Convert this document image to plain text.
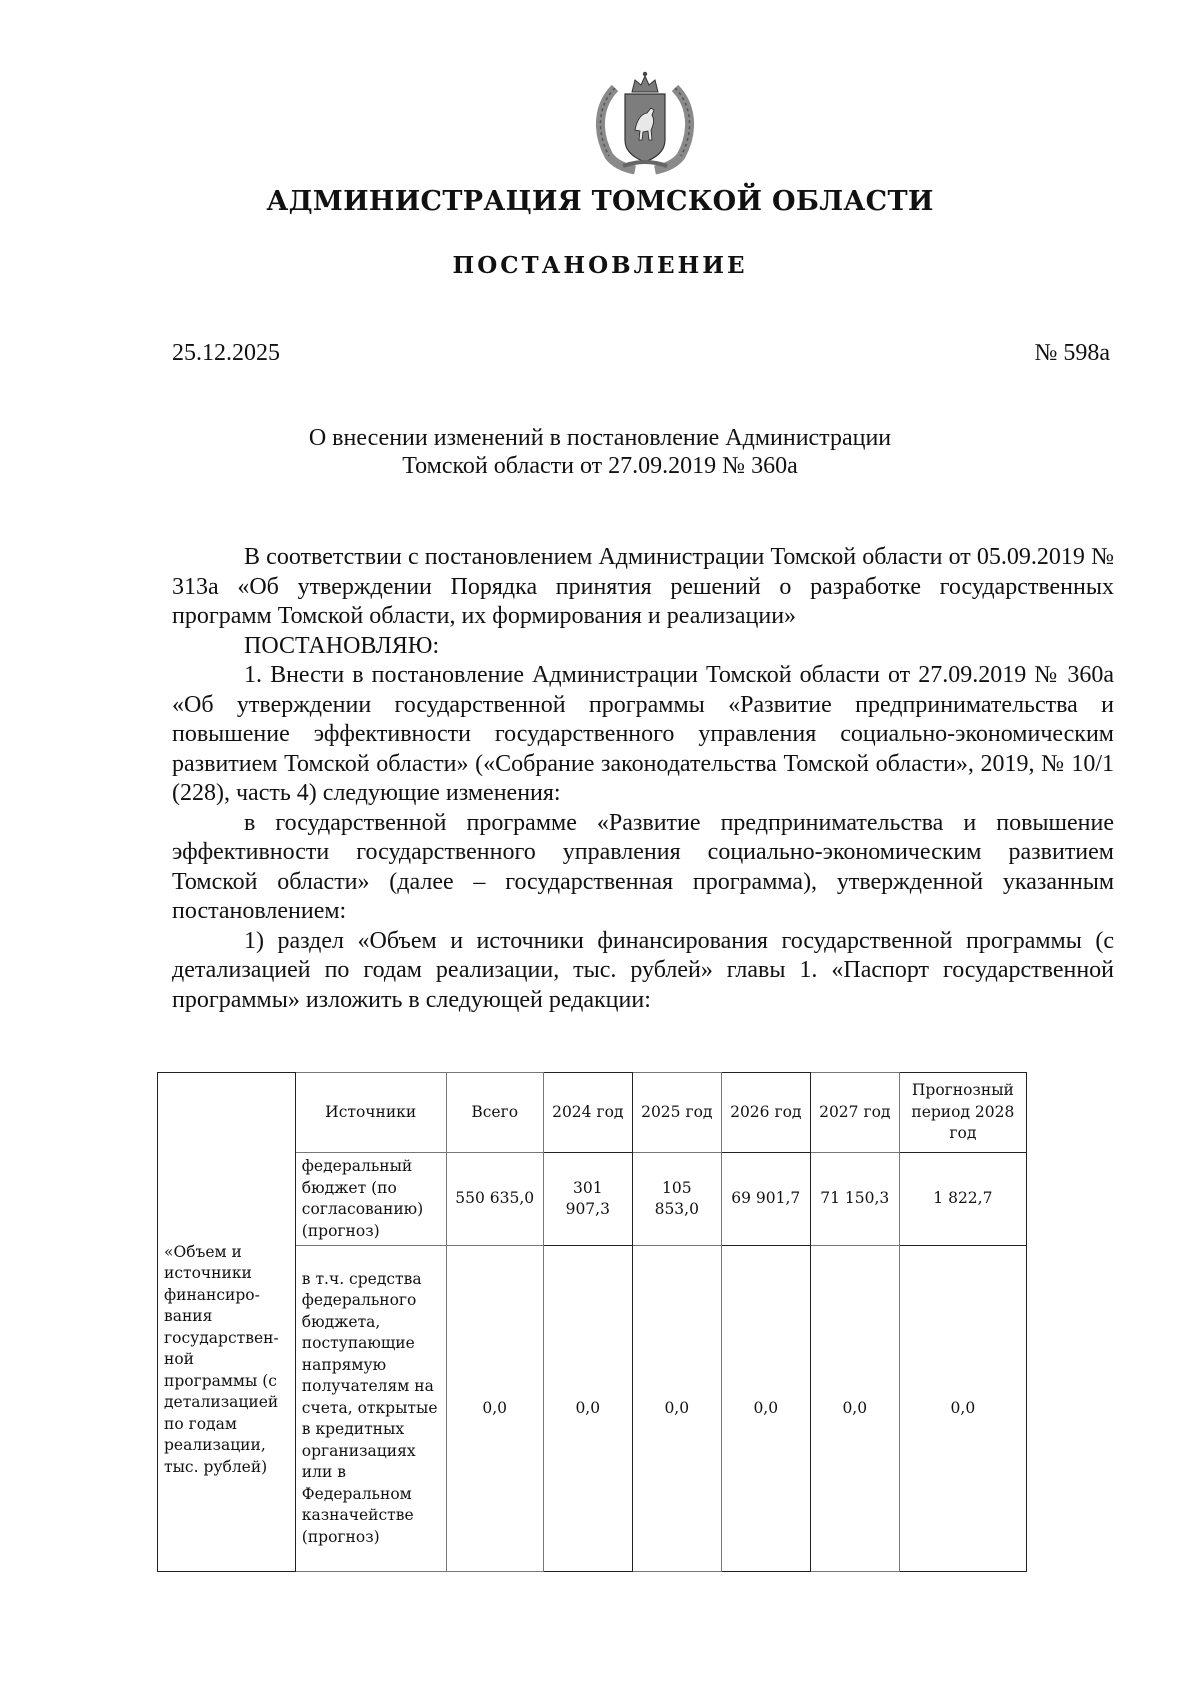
АДМИНИСТРАЦИЯ ТОМСКОЙ ОБЛАСТИ
ПОСТАНОВЛЕНИЕ
25.12.2025	№ 598а
О внесении изменений в постановление Администрации
Томской области от 27.09.2019 № 360а

В соответствии с постановлением Администрации Томской области от 05.09.2019 № 313а «Об утверждении Порядка принятия решений о разработке государственных программ Томской области, их формирования и реализации»

ПОСТАНОВЛЯЮ:

1. Внести в постановление Администрации Томской области от 27.09.2019 № 360а «Об утверждении государственной программы «Развитие предпринимательства и повышение эффективности государственного управления социально-экономическим развитием Томской области» («Собрание законодательства Томской области», 2019, № 10/1 (228), часть 4) следующие изменения:

в государственной программе «Развитие предпринимательства и повышение эффективности государственного управления социально-экономическим развитием Томской области» (далее – государственная программа), утвержденной указанным постановлением:

1) раздел «Объем и источники финансирования государственной программы (с детализацией по годам реализации, тыс. рублей» главы 1. «Паспорт государственной программы» изложить в следующей редакции:

«Объем и источники финансиро-вания государствен-ной программы (с детализацией по годам реализации, тыс. рублей)	Источники	Всего	2024 год	2025 год	2026 год	2027 год	Прогнозный период 2028 год
	федеральный бюджет (по согласованию) (прогноз)	550 635,0	301 907,3	105 853,0	69 901,7	71 150,3	1 822,7
	в т.ч. средства федерального бюджета, поступающие напрямую получателям на счета, открытые в кредитных организациях или в Федеральном казначействе (прогноз)	0,0	0,0	0,0	0,0	0,0	0,0
